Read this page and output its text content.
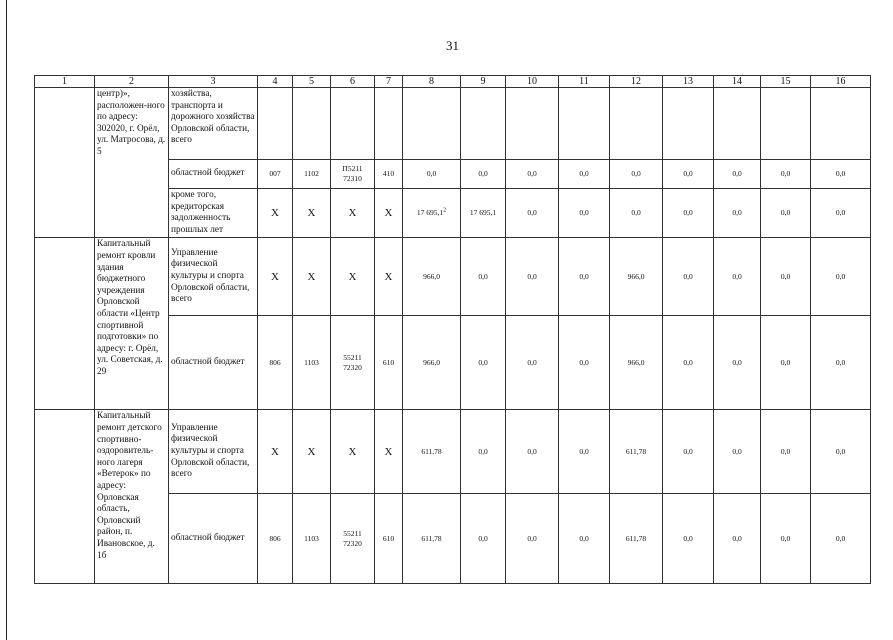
31
1	2	3	4	5	6	7	8	9	10	11	12	13	14	15	16
	центр)», расположен-ного по адресу: 302020, г. Орёл, ул. Матросова, д. 5	хозяйства, транспорта и дорожного хозяйства Орловской области, всего													
		областной бюджет	007	1102	П5211 72310	410	0,0	0,0	0,0	0,0	0,0	0,0	0,0	0,0	0,0
		кроме того, кредиторская задолженность прошлых лет	X	X	X	X	17 695,1$^2$	17 695,1	0,0	0,0	0,0	0,0	0,0	0,0	0,0
	Капитальный ремонт кровли здания бюджетного учреждения Орловской области «Центр спортивной подготовки» по адресу: г. Орёл, ул. Советская, д. 29	Управление физической культуры и спорта Орловской области, всего	X	X	X	X	966,0	0,0	0,0	0,0	966,0	0,0	0,0	0,0	0,0
		областной бюджет	806	1103	55211 72320	610	966,0	0,0	0,0	0,0	966,0	0,0	0,0	0,0	0,0
	Капитальный ремонт детского спортивно-оздоровитель-ного лагеря «Ветерок» по адресу: Орловская область, Орловский район, п. Ивановское, д. 1б	Управление физической культуры и спорта Орловской области, всего	X	X	X	X	611,78	0,0	0,0	0,0	611,78	0,0	0,0	0,0	0,0
		областной бюджет	806	1103	55211 72320	610	611,78	0,0	0,0	0,0	611,78	0,0	0,0	0,0	0,0
